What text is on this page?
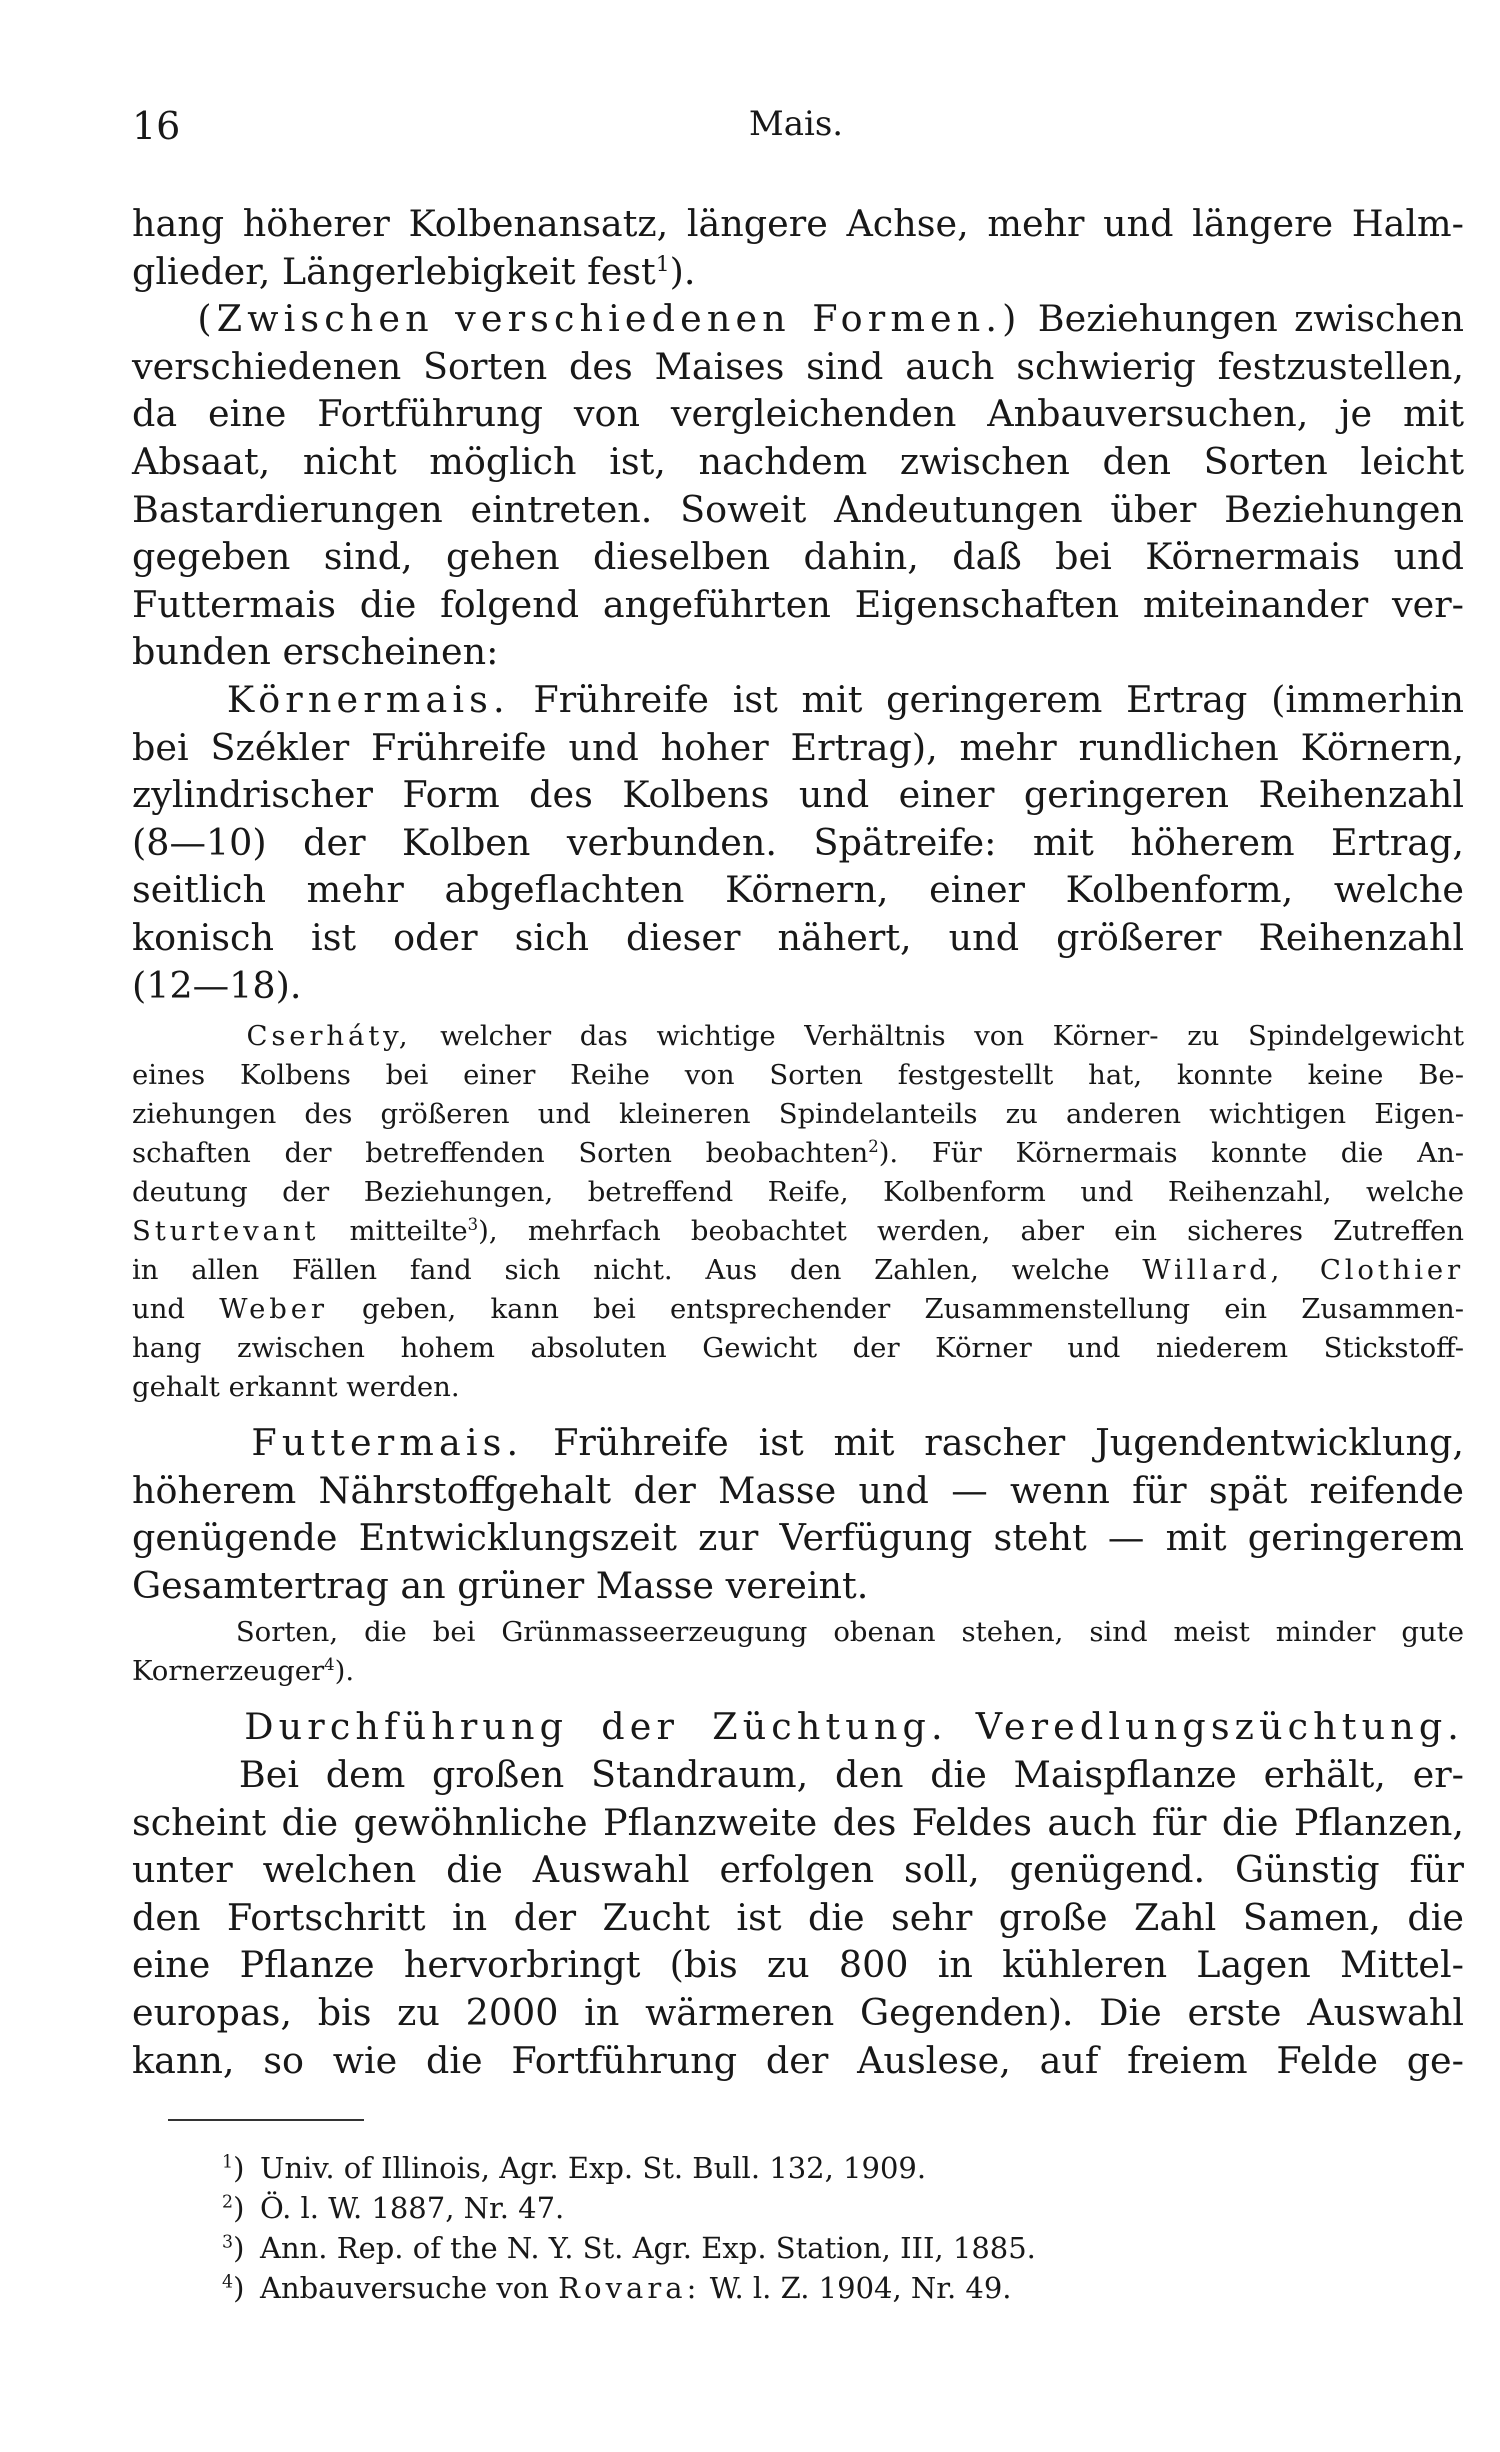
16	Mais.
hang höherer Kolbenansatz, längere Achse, mehr und längere Halm-
glieder, Längerlebigkeit fest$^1$).
(Zwischen verschiedenen Formen.) Beziehungen zwischen
verschiedenen Sorten des Maises sind auch schwierig festzustellen,
da eine Fortführung von vergleichenden Anbauversuchen, je mit
Absaat, nicht möglich ist, nachdem zwischen den Sorten leicht
Bastardierungen eintreten. Soweit Andeutungen über Beziehungen
gegeben sind, gehen dieselben dahin, daß bei Körnermais und
Futtermais die folgend angeführten Eigenschaften miteinander ver-
bunden erscheinen:
Körnermais. Frühreife ist mit geringerem Ertrag (immerhin
bei Székler Frühreife und hoher Ertrag), mehr rundlichen Körnern,
zylindrischer Form des Kolbens und einer geringeren Reihenzahl
(8—10) der Kolben verbunden. Spätreife: mit höherem Ertrag,
seitlich mehr abgeflachten Körnern, einer Kolbenform, welche
konisch ist oder sich dieser nähert, und größerer Reihenzahl
(12—18).
Cserháty, welcher das wichtige Verhältnis von Körner- zu Spindelgewicht
eines Kolbens bei einer Reihe von Sorten festgestellt hat, konnte keine Be-
ziehungen des größeren und kleineren Spindelanteils zu anderen wichtigen Eigen-
schaften der betreffenden Sorten beobachten$^2$). Für Körnermais konnte die An-
deutung der Beziehungen, betreffend Reife, Kolbenform und Reihenzahl, welche
Sturtevant mitteilte$^3$), mehrfach beobachtet werden, aber ein sicheres Zutreffen
in allen Fällen fand sich nicht. Aus den Zahlen, welche Willard, Clothier
und Weber geben, kann bei entsprechender Zusammenstellung ein Zusammen-
hang zwischen hohem absoluten Gewicht der Körner und niederem Stickstoff-
gehalt erkannt werden.
Futtermais. Frühreife ist mit rascher Jugendentwicklung,
höherem Nährstoffgehalt der Masse und — wenn für spät reifende
genügende Entwicklungszeit zur Verfügung steht — mit geringerem
Gesamtertrag an grüner Masse vereint.
Sorten, die bei Grünmasseerzeugung obenan stehen, sind meist minder gute
Kornerzeuger$^4$).
Durchführung der Züchtung. Veredlungszüchtung.
Bei dem großen Standraum, den die Maispflanze erhält, er-
scheint die gewöhnliche Pflanzweite des Feldes auch für die Pflanzen,
unter welchen die Auswahl erfolgen soll, genügend. Günstig für
den Fortschritt in der Zucht ist die sehr große Zahl Samen, die
eine Pflanze hervorbringt (bis zu 800 in kühleren Lagen Mittel-
europas, bis zu 2000 in wärmeren Gegenden). Die erste Auswahl
kann, so wie die Fortführung der Auslese, auf freiem Felde ge-
$^1$) Univ. of Illinois, Agr. Exp. St. Bull. 132, 1909.
$^2$) Ö. l. W. 1887, Nr. 47.
$^3$) Ann. Rep. of the N. Y. St. Agr. Exp. Station, III, 1885.
$^4$) Anbauversuche von Rovara: W. l. Z. 1904, Nr. 49.
